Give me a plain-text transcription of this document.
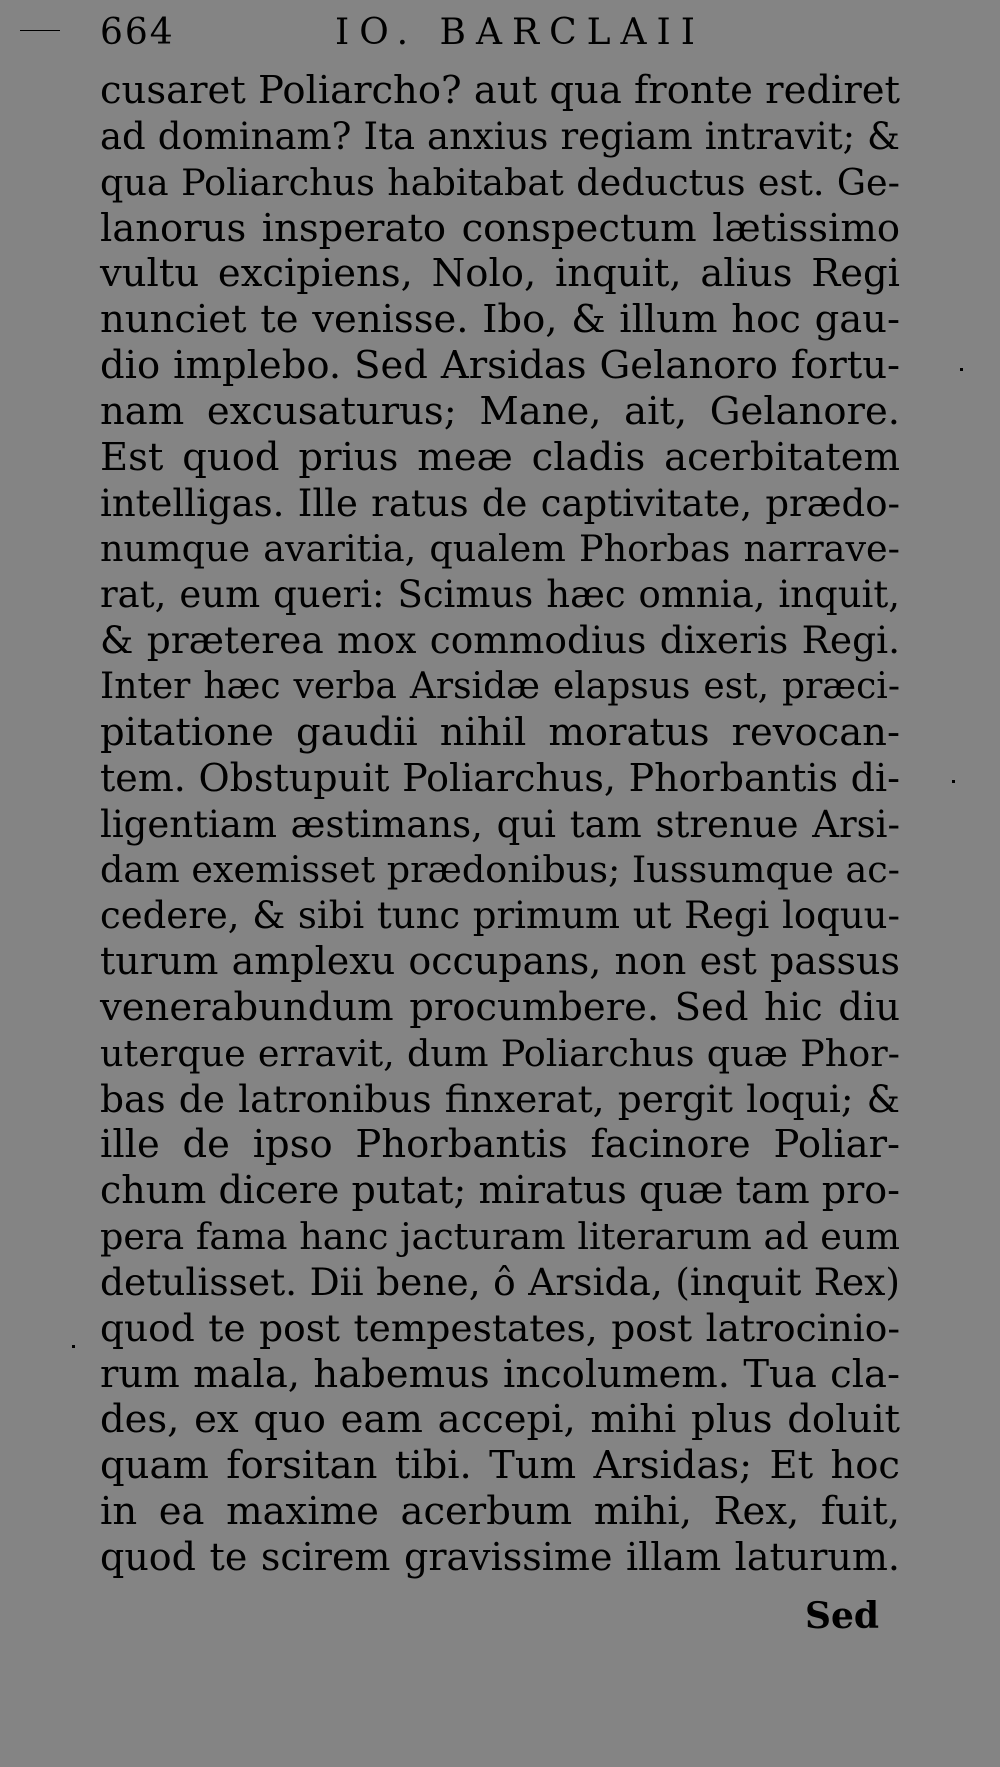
664	IO. BARCLAII
cusaret Poliarcho? aut qua fronte rediret
ad dominam? Ita anxius regiam intravit; &
qua Poliarchus habitabat deductus est. Ge-
lanorus insperato conspectum lætissimo
vultu excipiens, Nolo, inquit, alius Regi
nunciet te venisse. Ibo, & illum hoc gau-
dio implebo. Sed Arsidas Gelanoro fortu-
nam excusaturus; Mane, ait, Gelanore.
Est quod prius meæ cladis acerbitatem
intelligas. Ille ratus de captivitate, prædo-
numque avaritia, qualem Phorbas narrave-
rat, eum queri: Scimus hæc omnia, inquit,
& præterea mox commodius dixeris Regi.
Inter hæc verba Arsidæ elapsus est, præci-
pitatione gaudii nihil moratus revocan-
tem. Obstupuit Poliarchus, Phorbantis di-
ligentiam æstimans, qui tam strenue Arsi-
dam exemisset prædonibus; Iussumque ac-
cedere, & sibi tunc primum ut Regi loquu-
turum amplexu occupans, non est passus
venerabundum procumbere. Sed hic diu
uterque erravit, dum Poliarchus quæ Phor-
bas de latronibus finxerat, pergit loqui; &
ille de ipso Phorbantis facinore Poliar-
chum dicere putat; miratus quæ tam pro-
pera fama hanc jacturam literarum ad eum
detulisset. Dii bene, ô Arsida, (inquit Rex)
quod te post tempestates, post latrocinio-
rum mala, habemus incolumem. Tua cla-
des, ex quo eam accepi, mihi plus doluit
quam forsitan tibi. Tum Arsidas; Et hoc
in ea maxime acerbum mihi, Rex, fuit,
quod te scirem gravissime illam laturum.
Sed
